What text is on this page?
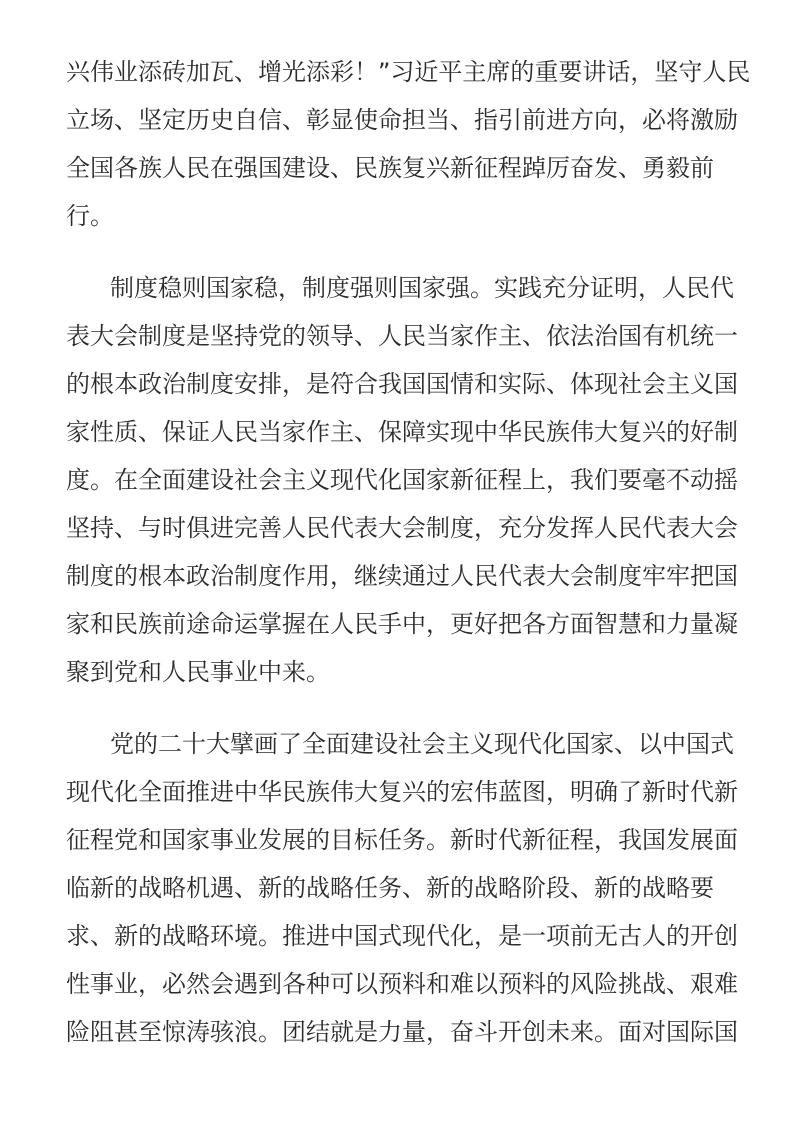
兴伟业添砖加瓦、增光添彩！”习近平主席的重要讲话，坚守人民
立场、坚定历史自信、彰显使命担当、指引前进方向，必将激励
全国各族人民在强国建设、民族复兴新征程踔厉奋发、勇毅前
行。
制度稳则国家稳，制度强则国家强。实践充分证明，人民代
表大会制度是坚持党的领导、人民当家作主、依法治国有机统一
的根本政治制度安排，是符合我国国情和实际、体现社会主义国
家性质、保证人民当家作主、保障实现中华民族伟大复兴的好制
度。在全面建设社会主义现代化国家新征程上，我们要毫不动摇
坚持、与时俱进完善人民代表大会制度，充分发挥人民代表大会
制度的根本政治制度作用，继续通过人民代表大会制度牢牢把国
家和民族前途命运掌握在人民手中，更好把各方面智慧和力量凝
聚到党和人民事业中来。
党的二十大擘画了全面建设社会主义现代化国家、以中国式
现代化全面推进中华民族伟大复兴的宏伟蓝图，明确了新时代新
征程党和国家事业发展的目标任务。新时代新征程，我国发展面
临新的战略机遇、新的战略任务、新的战略阶段、新的战略要
求、新的战略环境。推进中国式现代化，是一项前无古人的开创
性事业，必然会遇到各种可以预料和难以预料的风险挑战、艰难
险阻甚至惊涛骇浪。团结就是力量，奋斗开创未来。面对国际国
